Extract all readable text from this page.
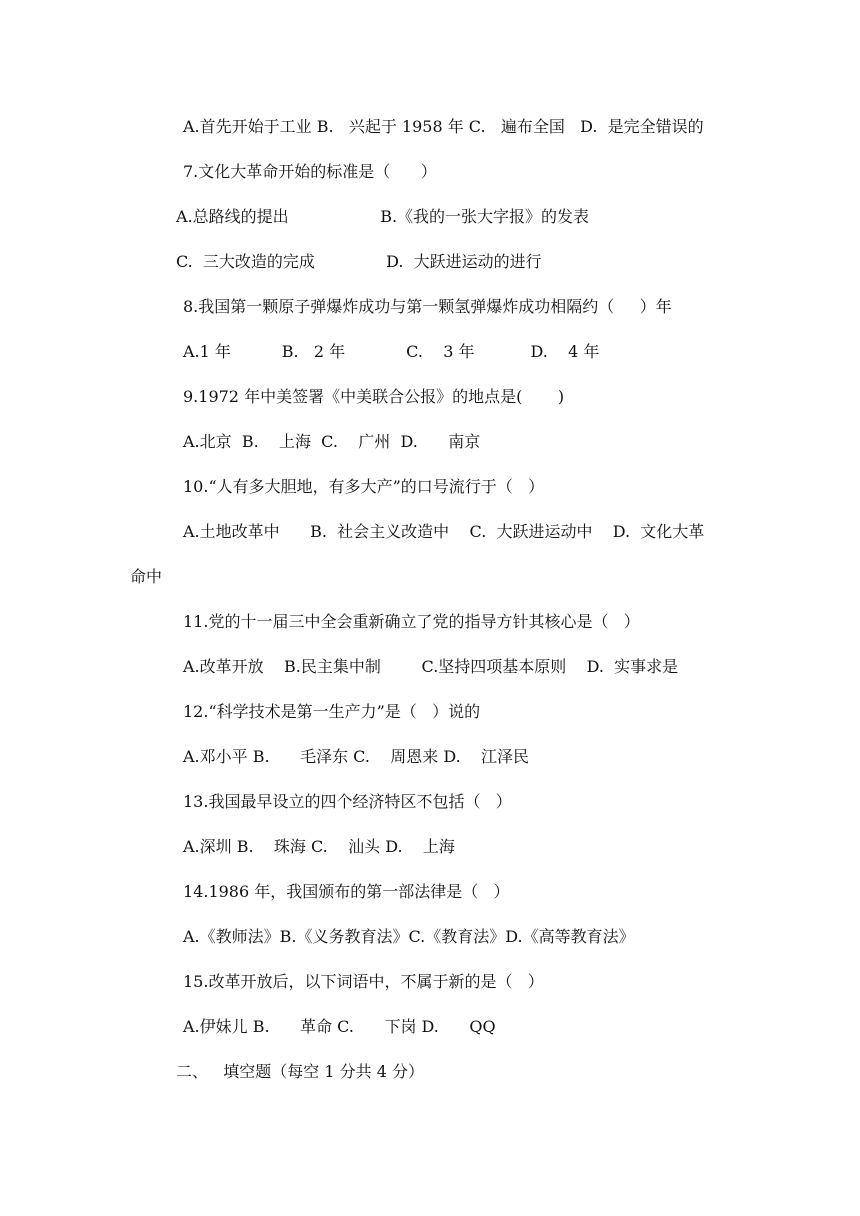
A.首先开始于工业 B.   兴起于 1958 年 C.   遍布全国   D.  是完全错误的
7.文化大革命开始的标准是（      ）
A.总路线的提出                  B.《我的一张大字报》的发表
C.  三大改造的完成              D.  大跃进运动的进行
8.我国第一颗原子弹爆炸成功与第一颗氢弹爆炸成功相隔约（     ）年
A.1 年          B.   2 年            C.    3 年           D.    4 年
9.1972 年中美签署《中美联合公报》的地点是(       )
A.北京  B.    上海  C.    广州  D.      南京
10.“人有多大胆地，有多大产”的口号流行于（   ）
A.土地改革中      B.  社会主义改造中    C.  大跃进运动中    D.  文化大革
命中
11.党的十一届三中全会重新确立了党的指导方针其核心是（   ）
A.改革开放    B.民主集中制        C.坚持四项基本原则    D.  实事求是
12.“科学技术是第一生产力”是（   ）说的
A.邓小平 B.      毛泽东 C.    周恩来 D.    江泽民
13.我国最早设立的四个经济特区不包括（   ）
A.深圳 B.    珠海 C.    汕头 D.    上海
14.1986 年，我国颁布的第一部法律是（   ）
A.《教师法》B.《义务教育法》C.《教育法》D.《高等教育法》
15.改革开放后，以下词语中，不属于新的是（   ）
A.伊妹儿 B.      革命 C.      下岗 D.      QQ
二、   填空题（每空 1 分共 4 分）
